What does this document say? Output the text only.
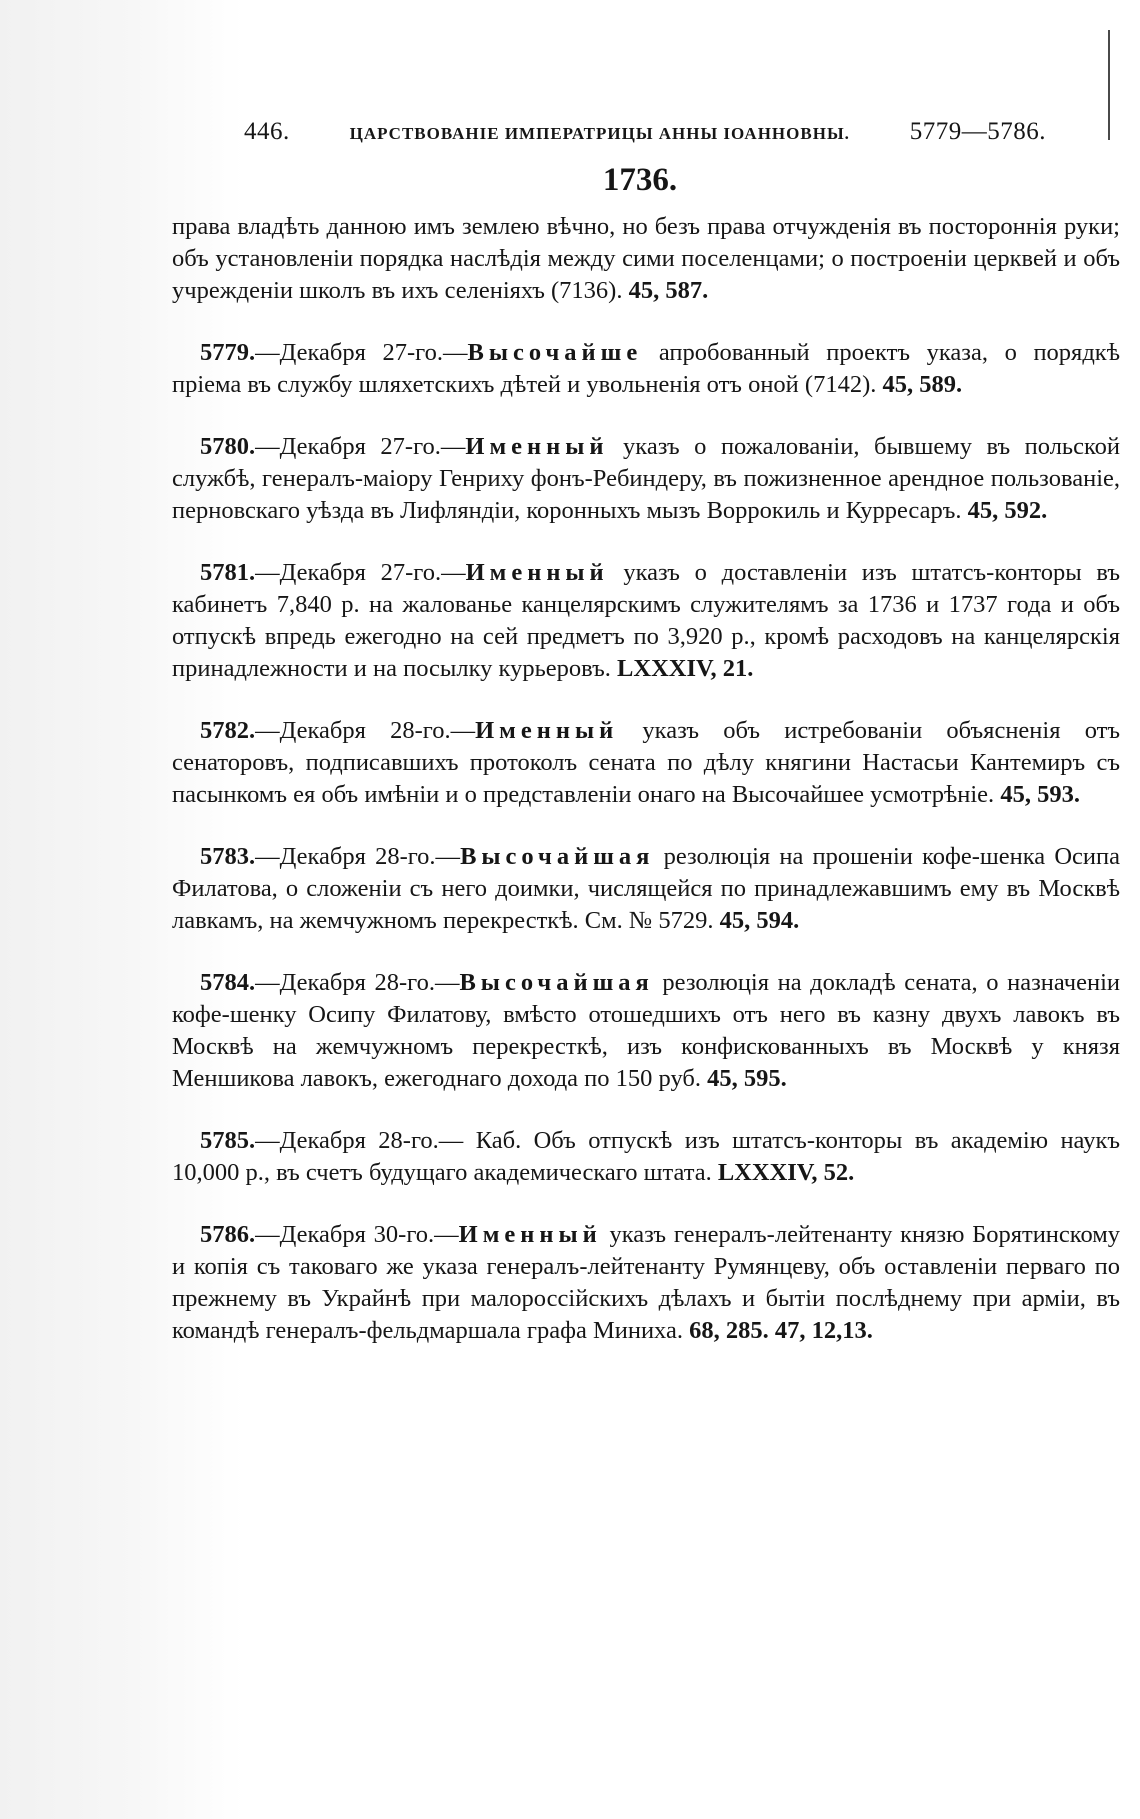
446.	ЦАРСТВОВАНІЕ ИМПЕРАТРИЦЫ АННЫ ІОАННОВНЫ. 5779—5786.
1736.

права владѣть данною имъ землею вѣчно, но безъ права отчужденія въ постороннія руки; объ установленіи порядка наслѣдія между сими поселенцами; о построеніи церквей и объ учрежденіи школъ въ ихъ селеніяхъ (7136). 45, 587.

5779.—Декабря 27-го.—Высочайше апробованный проектъ указа, о порядкѣ пріема въ службу шляхетскихъ дѣтей и увольненія отъ оной (7142). 45, 589.

5780.—Декабря 27-го.—Именный указъ о пожалованіи, бывшему въ польской службѣ, генералъ-маіору Генриху фонъ-Ребиндеру, въ пожизненное арендное пользованіе, перновскаго уѣзда въ Лифляндіи, коронныхъ мызъ Воррокиль и Курресаръ. 45, 592.

5781.—Декабря 27-го.—Именный указъ о доставленіи изъ штатсъ-конторы въ кабинетъ 7,840 р. на жалованье канцелярскимъ служителямъ за 1736 и 1737 года и объ отпускѣ впредь ежегодно на сей предметъ по 3,920 р., кромѣ расходовъ на канцелярскія принадлежности и на посылку курьеровъ. LXXXIV, 21.

5782.—Декабря 28-го.—Именный указъ объ истребованіи объясненія отъ сенаторовъ, подписавшихъ протоколъ сената по дѣлу княгини Настасьи Кантемиръ съ пасынкомъ ея объ имѣніи и о представленіи онаго на Высочайшее усмотрѣніе. 45, 593.

5783.—Декабря 28-го.—Высочайшая резолюція на прошеніи кофе-шенка Осипа Филатова, о сложеніи съ него доимки, числящейся по принадлежавшимъ ему въ Москвѣ лавкамъ, на жемчужномъ перекресткѣ. См. № 5729. 45, 594.

5784.—Декабря 28-го.—Высочайшая резолюція на докладѣ сената, о назначеніи кофе-шенку Осипу Филатову, вмѣсто отошедшихъ отъ него въ казну двухъ лавокъ въ Москвѣ на жемчужномъ перекресткѣ, изъ конфискованныхъ въ Москвѣ у князя Меншикова лавокъ, ежегоднаго дохода по 150 руб. 45, 595.

5785.—Декабря 28-го.— Каб. Объ отпускѣ изъ штатсъ-конторы въ академію наукъ 10,000 р., въ счетъ будущаго академическаго штата. LXXXIV, 52.

5786.—Декабря 30-го.—Именный указъ генералъ-лейтенанту князю Борятинскому и копія съ таковаго же указа генералъ-лейтенанту Румянцеву, объ оставленіи перваго по прежнему въ Украйнѣ при малороссійскихъ дѣлахъ и бытіи послѣднему при арміи, въ командѣ генералъ-фельдмаршала графа Миниха. 68, 285. 47, 12,13.
